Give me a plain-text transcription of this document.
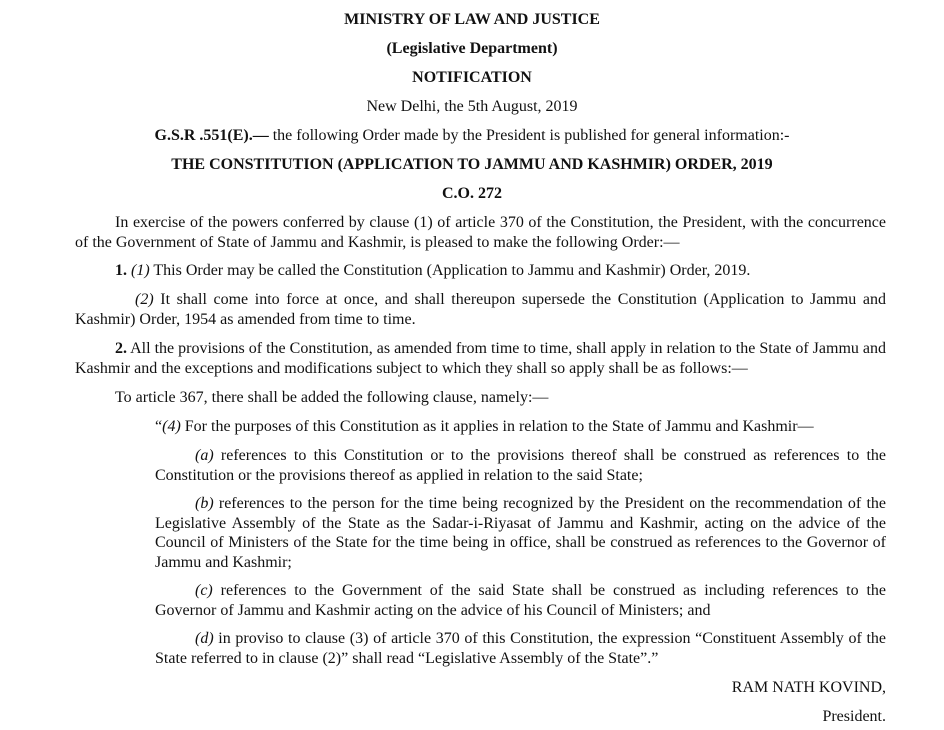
MINISTRY OF LAW AND JUSTICE

(Legislative Department)

NOTIFICATION

New Delhi, the 5th August, 2019

G.S.R .551(E).— the following Order made by the President is published for general information:-

THE CONSTITUTION (APPLICATION TO JAMMU AND KASHMIR) ORDER, 2019

C.O. 272

In exercise of the powers conferred by clause (1) of article 370 of the Constitution, the President, with the concurrence of the Government of State of Jammu and Kashmir, is pleased to make the following Order:—

1. (1) This Order may be called the Constitution (Application to Jammu and Kashmir) Order, 2019.

(2) It shall come into force at once, and shall thereupon supersede the Constitution (Application to Jammu and Kashmir) Order, 1954 as amended from time to time.

2. All the provisions of the Constitution, as amended from time to time, shall apply in relation to the State of Jammu and Kashmir and the exceptions and modifications subject to which they shall so apply shall be as follows:—

To article 367, there shall be added the following clause, namely:—

“(4) For the purposes of this Constitution as it applies in relation to the State of Jammu and Kashmir—

(a) references to this Constitution or to the provisions thereof shall be construed as references to the Constitution or the provisions thereof as applied in relation to the said State;

(b) references to the person for the time being recognized by the President on the recommendation of the Legislative Assembly of the State as the Sadar-i-Riyasat of Jammu and Kashmir, acting on the advice of the Council of Ministers of the State for the time being in office, shall be construed as references to the Governor of Jammu and Kashmir;

(c) references to the Government of the said State shall be construed as including references to the Governor of Jammu and Kashmir acting on the advice of his Council of Ministers; and

(d) in proviso to clause (3) of article 370 of this Constitution, the expression “Constituent Assembly of the State referred to in clause (2)” shall read “Legislative Assembly of the State”.”

RAM NATH KOVIND,

President.
